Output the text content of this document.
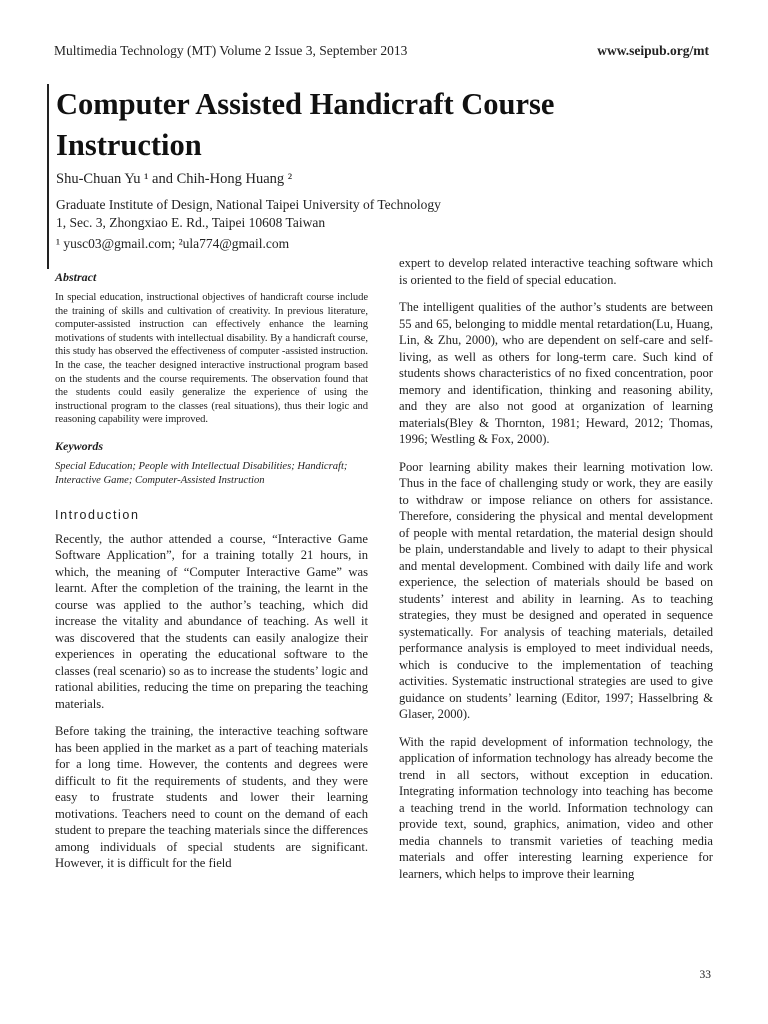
Multimedia Technology (MT) Volume 2 Issue 3, September 2013	www.seipub.org/mt
Computer Assisted Handicraft Course
Instruction
Shu-Chuan Yu ¹ and Chih-Hong Huang ²
Graduate Institute of Design, National Taipei University of Technology
1, Sec. 3, Zhongxiao E. Rd., Taipei 10608 Taiwan
¹ yusc03@gmail.com; ²ula774@gmail.com

Abstract

In special education, instructional objectives of handicraft course include the training of skills and cultivation of creativity. In previous literature, computer-assisted instruction can effectively enhance the learning motivations of students with intellectual disability. By a handicraft course, this study has observed the effectiveness of computer -assisted instruction. In the case, the teacher designed interactive instructional program based on the students and the course requirements. The observation found that the students could easily generalize the experience of using the instructional program to the classes (real situations), thus their logic and reasoning capability were improved.

Keywords

Special Education; People with Intellectual Disabilities; Handicraft; Interactive Game; Computer-Assisted Instruction

Introduction

Recently, the author attended a course, “Interactive Game Software Application”, for a training totally 21 hours, in which, the meaning of “Computer Interactive Game” was learnt. After the completion of the training, the learnt in the course was applied to the author’s teaching, which did increase the vitality and abundance of teaching. As well it was discovered that the students can easily analogize their experiences in operating the educational software to the classes (real scenario) so as to increase the students’ logic and rational abilities, reducing the time on preparing the teaching materials.

Before taking the training, the interactive teaching software has been applied in the market as a part of teaching materials for a long time. However, the contents and degrees were difficult to fit the requirements of students, and they were easy to frustrate students and lower their learning motivations. Teachers need to count on the demand of each student to prepare the teaching materials since the differences among individuals of special students are significant. However, it is difficult for the field

expert to develop related interactive teaching software which is oriented to the field of special education.

The intelligent qualities of the author’s students are between 55 and 65, belonging to middle mental retardation(Lu, Huang, Lin, & Zhu, 2000), who are dependent on self-care and self-living, as well as others for long-term care. Such kind of students shows characteristics of no fixed concentration, poor memory and identification, thinking and reasoning ability, and they are also not good at organization of learning materials(Bley & Thornton, 1981; Heward, 2012; Thomas, 1996; Westling & Fox, 2000).

Poor learning ability makes their learning motivation low. Thus in the face of challenging study or work, they are easily to withdraw or impose reliance on others for assistance. Therefore, considering the physical and mental development of people with mental retardation, the material design should be plain, understandable and lively to adapt to their physical and mental development. Combined with daily life and work experience, the selection of materials should be based on students’ interest and ability in learning. As to teaching strategies, they must be designed and operated in sequence systematically. For analysis of teaching materials, detailed performance analysis is employed to meet individual needs, which is conducive to the implementation of teaching activities. Systematic instructional strategies are used to give guidance on students’ learning (Editor, 1997; Hasselbring & Glaser, 2000).

With the rapid development of information technology, the application of information technology has already become the trend in all sectors, without exception in education. Integrating information technology into teaching has become a teaching trend in the world. Information technology can provide text, sound, graphics, animation, video and other media channels to transmit varieties of teaching media materials and offer interesting learning experience for learners, which helps to improve their learning

33
